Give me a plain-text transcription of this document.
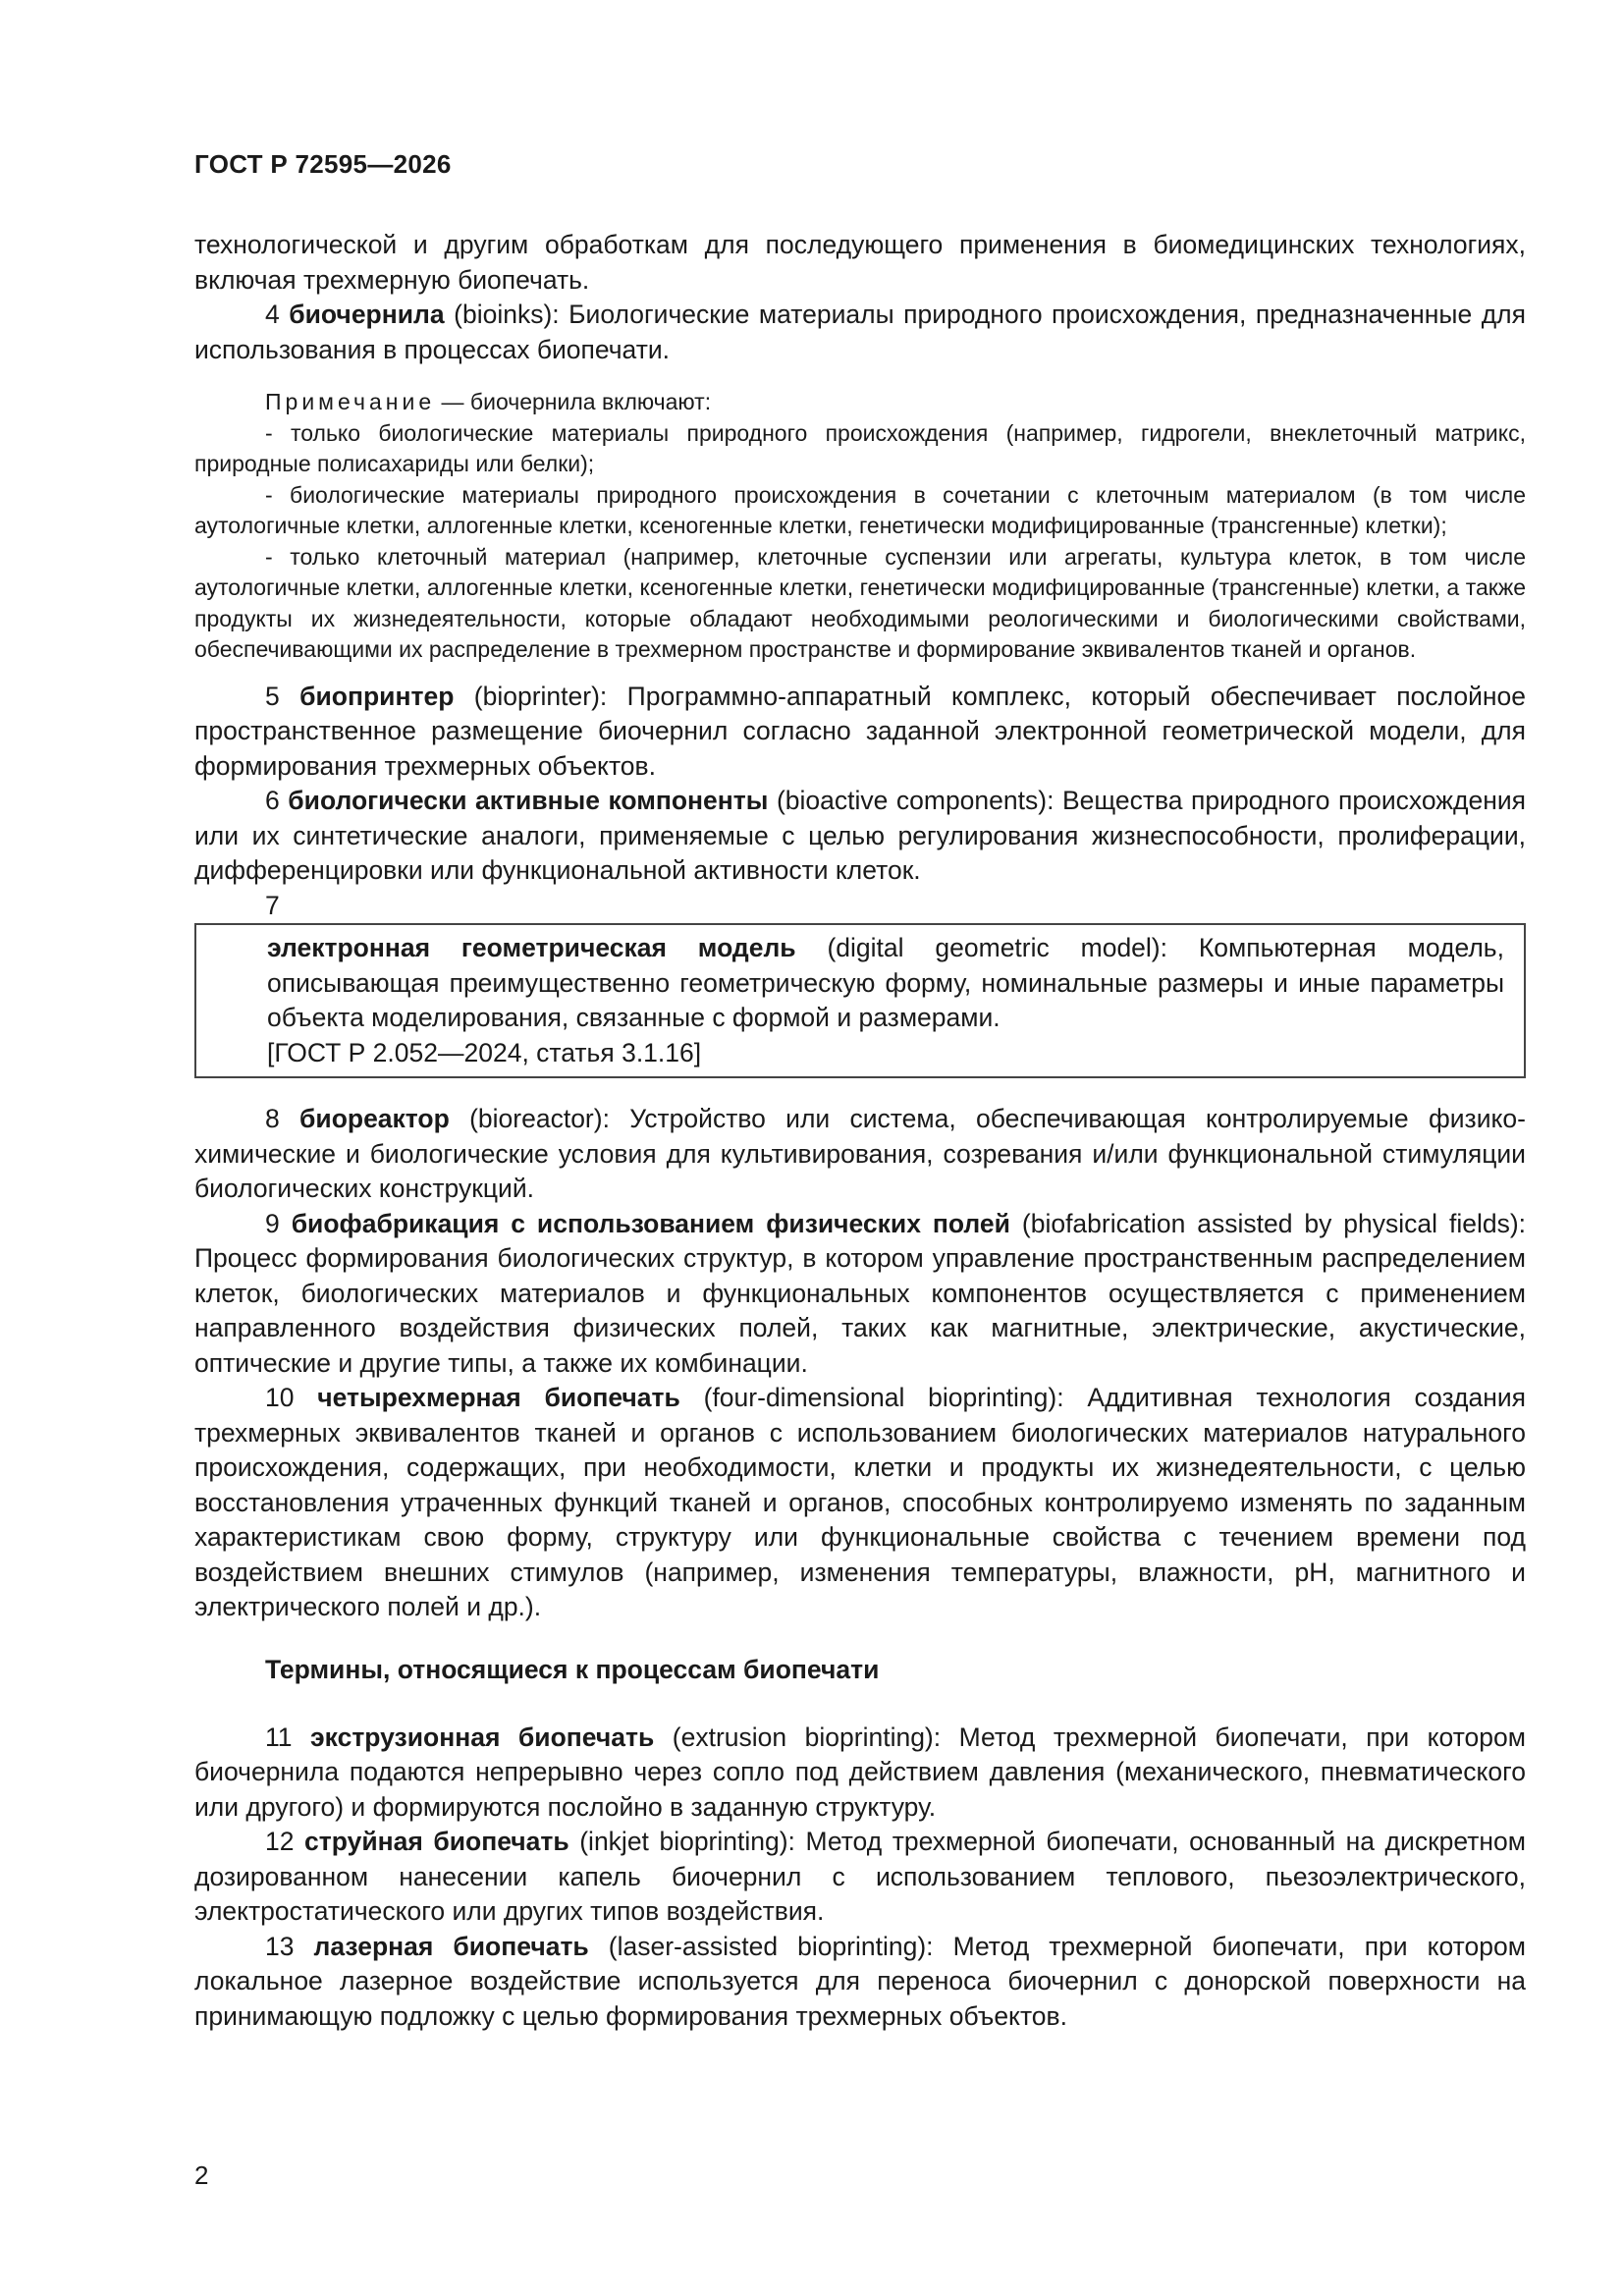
ГОСТ Р 72595—2026

технологической и другим обработкам для последующего применения в биомедицинских технологиях, включая трехмерную биопечать.

4 биочернила (bioinks): Биологические материалы природного происхождения, предназначенные для использования в процессах биопечати.

Примечание — биочернила включают:

- только биологические материалы природного происхождения (например, гидрогели, внеклеточный матрикс, природные полисахариды или белки);

- биологические материалы природного происхождения в сочетании с клеточным материалом (в том числе аутологичные клетки, аллогенные клетки, ксеногенные клетки, генетически модифицированные (трансгенные) клетки);

- только клеточный материал (например, клеточные суспензии или агрегаты, культура клеток, в том числе аутологичные клетки, аллогенные клетки, ксеногенные клетки, генетически модифицированные (трансгенные) клетки, а также продукты их жизнедеятельности, которые обладают необходимыми реологическими и биологическими свойствами, обеспечивающими их распределение в трехмерном пространстве и формирование эквивалентов тканей и органов.

5 биопринтер (bioprinter): Программно-аппаратный комплекс, который обеспечивает послойное пространственное размещение биочернил согласно заданной электронной геометрической модели, для формирования трехмерных объектов.

6 биологически активные компоненты (bioactive components): Вещества природного происхождения или их синтетические аналоги, применяемые с целью регулирования жизнеспособности, пролиферации, дифференцировки или функциональной активности клеток.

7

электронная геометрическая модель (digital geometric model): Компьютерная модель, описывающая преимущественно геометрическую форму, номинальные размеры и иные параметры объекта моделирования, связанные с формой и размерами.

[ГОСТ Р 2.052—2024, статья 3.1.16]

8 биореактор (bioreactor): Устройство или система, обеспечивающая контролируемые физико-химические и биологические условия для культивирования, созревания и/или функциональной стимуляции биологических конструкций.

9 биофабрикация с использованием физических полей (biofabrication assisted by physical fields): Процесс формирования биологических структур, в котором управление пространственным распределением клеток, биологических материалов и функциональных компонентов осуществляется с применением направленного воздействия физических полей, таких как магнитные, электрические, акустические, оптические и другие типы, а также их комбинации.

10 четырехмерная биопечать (four-dimensional bioprinting): Аддитивная технология создания трехмерных эквивалентов тканей и органов с использованием биологических материалов натурального происхождения, содержащих, при необходимости, клетки и продукты их жизнедеятельности, с целью восстановления утраченных функций тканей и органов, способных контролируемо изменять по заданным характеристикам свою форму, структуру или функциональные свойства с течением времени под воздействием внешних стимулов (например, изменения температуры, влажности, pH, магнитного и электрического полей и др.).

Термины, относящиеся к процессам биопечати

11 экструзионная биопечать (extrusion bioprinting): Метод трехмерной биопечати, при котором биочернила подаются непрерывно через сопло под действием давления (механического, пневматического или другого) и формируются послойно в заданную структуру.

12 струйная биопечать (inkjet bioprinting): Метод трехмерной биопечати, основанный на дискретном дозированном нанесении капель биочернил с использованием теплового, пьезоэлектрического, электростатического или других типов воздействия.

13 лазерная биопечать (laser-assisted bioprinting): Метод трехмерной биопечати, при котором локальное лазерное воздействие используется для переноса биочернил с донорской поверхности на принимающую подложку с целью формирования трехмерных объектов.

2
